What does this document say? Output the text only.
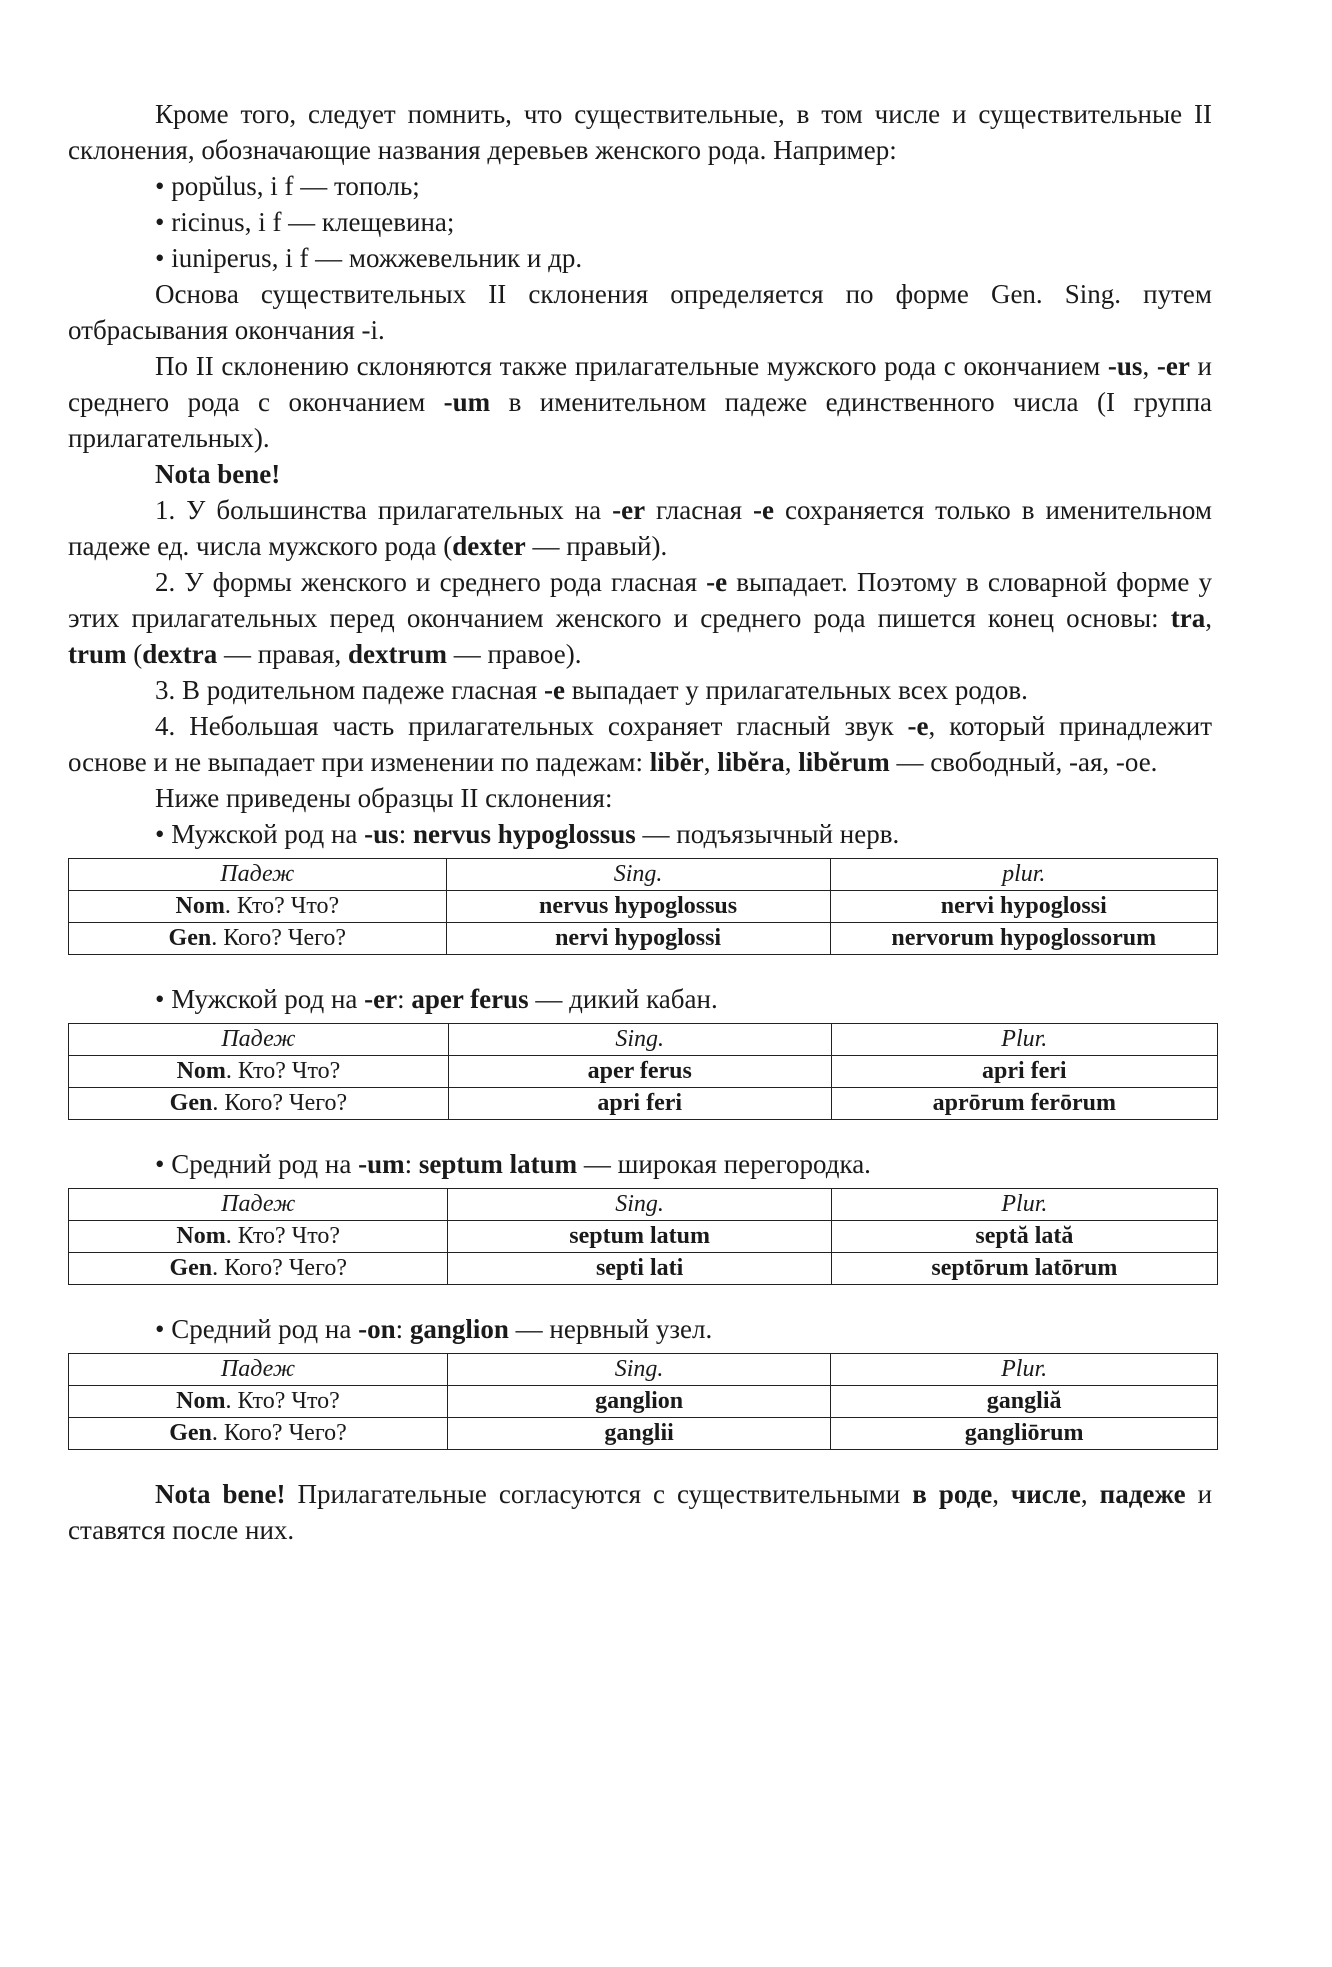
Кроме того, следует помнить, что существительные, в том числе и существительные II склонения, обозначающие названия деревьев женского рода. Например:

• popŭlus, i f — тополь;

• ricinus, i f — клещевина;

• iuniperus, i f — можжевельник и др.

Основа существительных II склонения определяется по форме Gen. Sing. путем отбрасывания окончания -i.

По II склонению склоняются также прилагательные мужского рода с окончанием -us, -er и среднего рода с окончанием -um в именительном падеже единственного числа (I группа прилагательных).

Nota bene!

1. У большинства прилагательных на -er гласная -e сохраняется только в именительном падеже ед. числа мужского рода (dexter — правый).

2. У формы женского и среднего рода гласная -e выпадает. Поэтому в словарной форме у этих прилагательных перед окончанием женского и среднего рода пишется конец основы: tra, trum (dextra — правая, dextrum — правое).

3. В родительном падеже гласная -e выпадает у прилагательных всех родов.

4. Небольшая часть прилагательных сохраняет гласный звук -e, который принадлежит основе и не выпадает при изменении по падежам: libĕr, libĕra, libĕrum — свободный, -ая, -ое.

Ниже приведены образцы II склонения:

• Мужской род на -us: nervus hypoglossus — подъязычный нерв.

Падеж	Sing.	plur.
Nom. Кто? Что?	nervus hypoglossus	nervi hypoglossi
Gen. Кого? Чего?	nervi hypoglossi	nervorum hypoglossorum

• Мужской род на -er: aper ferus — дикий кабан.

Падеж	Sing.	Plur.
Nom. Кто? Что?	aper ferus	apri feri
Gen. Кого? Чего?	apri feri	aprōrum ferōrum

• Средний род на -um: septum latum — широкая перегородка.

Падеж	Sing.	Plur.
Nom. Кто? Что?	septum latum	septă lată
Gen. Кого? Чего?	septi lati	septōrum latōrum

• Средний род на -on: ganglion — нервный узел.

Падеж	Sing.	Plur.
Nom. Кто? Что?	ganglion	gangliă
Gen. Кого? Чего?	ganglii	gangliōrum

Nota bene! Прилагательные согласуются с существительными в роде, числе, падеже и ставятся после них.
